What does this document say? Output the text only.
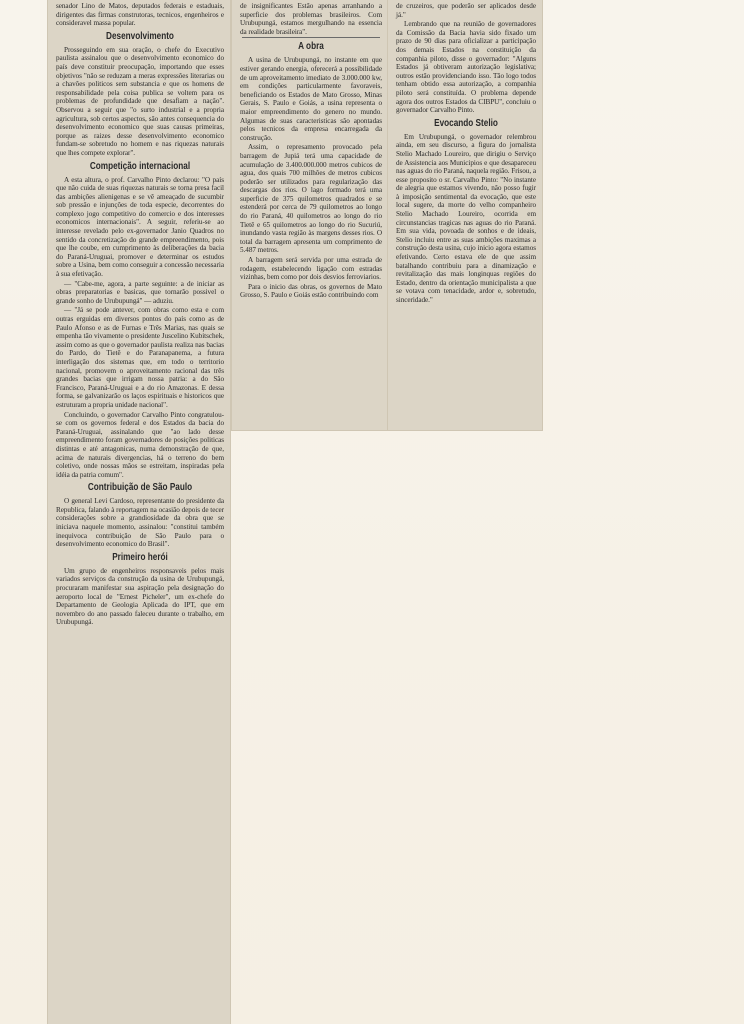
senador Lino de Matos, deputados federais e estaduais, dirigentes das firmas construtoras, tecnicos, engenheiros e consideravel massa popular.

Desenvolvimento

Prosseguindo em sua oração, o chefe do Executivo paulista assinalou que o desenvolvimento economico do país deve constituir preocupação, importando que esses objetivos "não se reduzam a meras expressões literarias ou a chavões politicos sem substancia e que os homens de responsabilidade pela coisa publica se voltem para os problemas de profundidade que desafiam a nação". Observou a seguir que "o surto industrial e a propria agricultura, sob certos aspectos, são antes consequencia do desenvolvimento economico que suas causas primeiras, porque as raizes desse desenvolvimento economico fundam-se sobretudo no homem e nas riquezas naturais que lhes compete explorar".

Competição internacional

A esta altura, o prof. Carvalho Pinto declarou: "O país que não cuida de suas riquezas naturais se torna presa facil das ambições alienigenas e se vê ameaçado de sucumbir sob pressão e injunções de toda especie, decorrentes do complexo jogo competitivo do comercio e dos interesses economicos internacionais". A seguir, referiu-se ao interesse revelado pelo ex-governador Janio Quadros no sentido da concretização do grande empreendimento, pois que lhe coube, em cumprimento às deliberações da bacia do Paraná-Uruguai, promover e determinar os estudos sobre a Usina, bem como conseguir a concessão necessaria à sua efetivação.

— "Cabe-me, agora, a parte seguinte: a de iniciar as obras preparatorias e basicas, que tornarão possivel o grande sonho de Urubupungá" — aduziu.

— "Já se pode antever, com obras como esta e com outras erguidas em diversos pontos do país como as de Paulo Afonso e as de Furnas e Três Marias, nas quais se empenha tão vivamente o presidente Juscelino Kubitschek, assim como as que o governador paulista realiza nas bacias do Pardo, do Tietê e do Paranapanema, a futura interligação dos sistemas que, em todo o territorio nacional, promovem o aproveitamento racional das três grandes bacias que irrigam nossa patria: a do São Francisco, Paraná-Uruguai e a do rio Amazonas. E dessa forma, se galvanizarão os laços espirituais e historicos que estruturam a propria unidade nacional".

Concluindo, o governador Carvalho Pinto congratulou-se com os governos federal e dos Estados da bacia do Paraná-Uruguai, assinalando que "ao lado desse empreendimento foram governadores de posições politicas distintas e até antagonicas, numa demonstração de que, acima de naturais divergencias, há o terreno do bem coletivo, onde nossas mãos se estreitam, inspiradas pela idéia da patria comum".

Contribuição de São Paulo

O general Levi Cardoso, representante do presidente da Republica, falando à reportagem na ocasião depois de tecer considerações sobre a grandiosidade da obra que se iniciava naquele momento, assinalou: "constitui também inequivoca contribuição de São Paulo para o desenvolvimento economico do Brasil".

Primeiro herói

Um grupo de engenheiros responsaveis pelos mais variados serviços da construção da usina de Urubupungá, procuraram manifestar sua aspiração pela designação do aeroporto local de "Ernest Picheler", um ex-chefe do Departamento de Geologia Aplicada do IPT, que em novembro do ano passado faleceu durante o trabalho, em Urubupungá.

de insignificantes Estão apenas arranhando a superficie dos problemas brasileiros. Com Urubupungá, estamos mergulhando na essencia da realidade brasileira".

A obra

A usina de Urubupungá, no instante em que estiver gerando energia, oferecerá a possibilidade de um aproveitamento imediato de 3.000.000 kw, em condições particularmente favoraveis, beneficiando os Estados de Mato Grosso, Minas Gerais, S. Paulo e Goiás, a usina representa o maior empreendimento do genero no mundo. Algumas de suas caracteristicas são apontadas pelos tecnicos da empresa encarregada da construção.

Assim, o represamento provocado pela barragem de Jupiá terá uma capacidade de acumulação de 3.400.000.000 metros cubicos de agua, dos quais 700 milhões de metros cubicos poderão ser utilizados para regularização das descargas dos rios. O lago formado terá uma superficie de 375 quilometros quadrados e se estenderá por cerca de 79 quilometros ao longo do rio Paraná, 40 quilometros ao longo do rio Tietê e 65 quilometros ao longo do rio Sucuriú, inundando vasta região às margens desses rios. O total da barragem apresenta um comprimento de 5.487 metros.

A barragem será servida por uma estrada de rodagem, estabelecendo ligação com estradas vizinhas, bem como por dois desvios ferroviarios.

Para o inicio das obras, os governos de Mato Grosso, S. Paulo e Goiás estão contribuindo com

de cruzeiros, que poderão ser aplicados desde já."

Lembrando que na reunião de governadores da Comissão da Bacia havia sido fixado um prazo de 90 dias para oficializar a participação dos demais Estados na constituição da companhia piloto, disse o governador: "Alguns Estados já obtiveram autorização legislativa; outros estão providenciando isso. Tão logo todos tenham obtido essa autorização, a companhia piloto será constituída. O problema depende agora dos outros Estados da CIBPU", concluiu o governador Carvalho Pinto.

Evocando Stelio

Em Urubupungá, o governador relembrou ainda, em seu discurso, a figura do jornalista Stelio Machado Loureiro, que dirigiu o Serviço de Assistencia aos Municipios e que desapareceu nas aguas do rio Paraná, naquela região. Frisou, a esse proposito o sr. Carvalho Pinto: "No instante de alegria que estamos vivendo, não posso fugir à imposição sentimental da evocação, que este local sugere, da morte do velho companheiro Stelio Machado Loureiro, ocorrida em circunstancias tragicas nas aguas do rio Paraná. Em sua vida, povoada de sonhos e de ideais, Stelio incluiu entre as suas ambições maximas a construção desta usina, cujo inicio agora estamos efetivando. Certo estava ele de que assim batalhando contribuiu para a dinamização e revitalização das mais longinquas regiões do Estado, dentro da orientação municipalista a que se votava com tenacidade, ardor e, sobretudo, sinceridade."
